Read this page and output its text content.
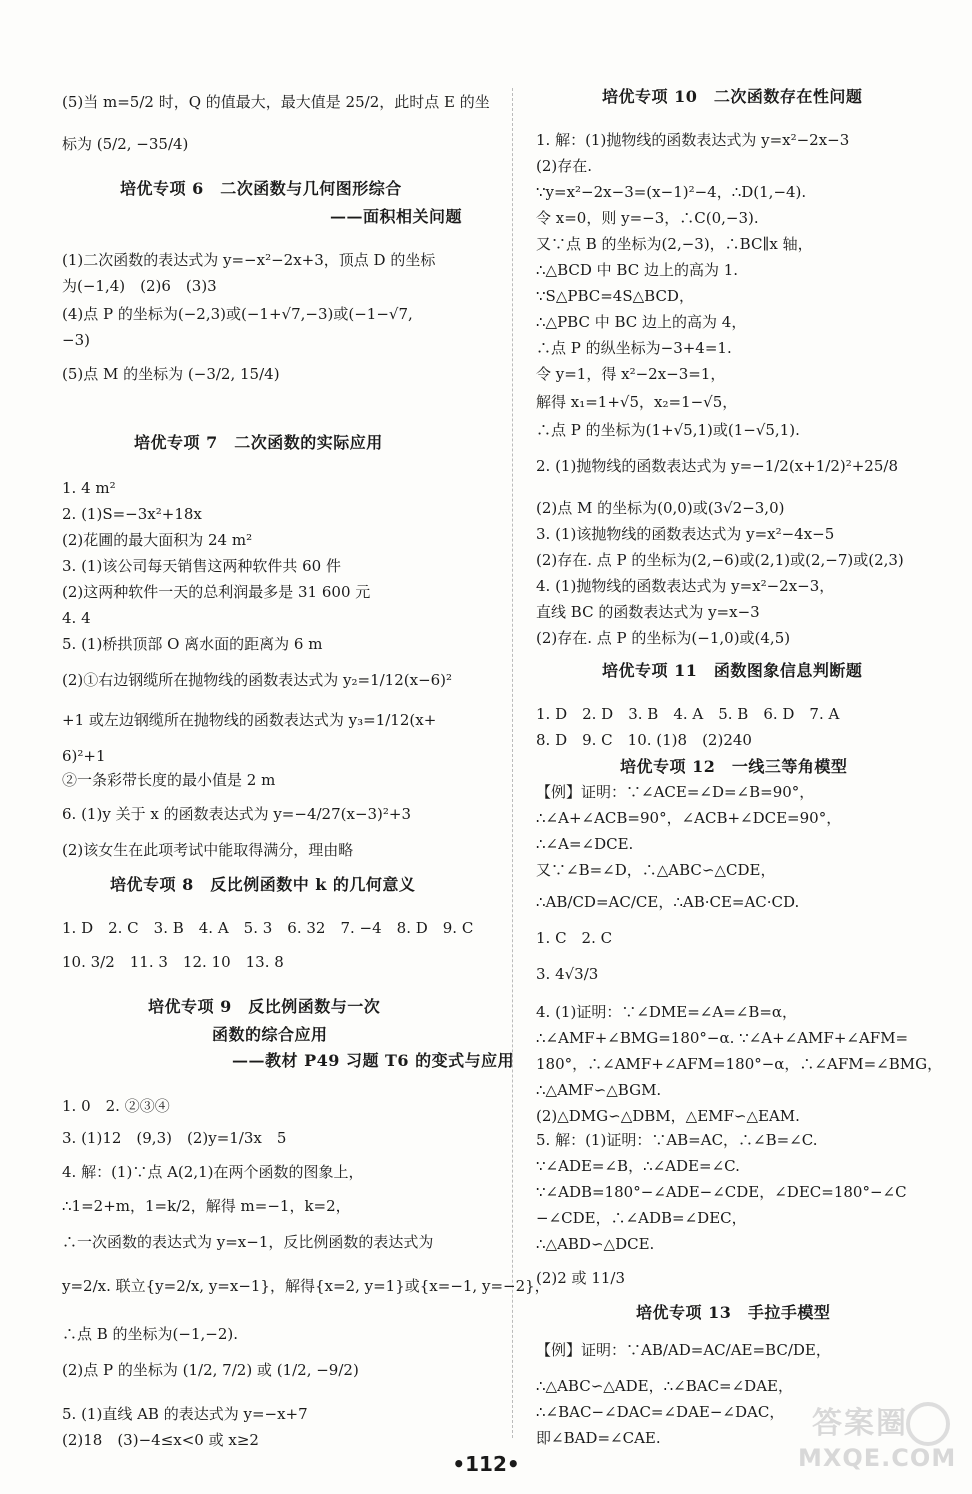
(5)当 m=5/2 时，Q 的值最大，最大值是 25/2，此时点 E 的坐
标为 (5/2, −35/4)
培优专项 6　二次函数与几何图形综合
——面积相关问题
(1)二次函数的表达式为 y=−x²−2x+3，顶点 D 的坐标
为(−1,4)　(2)6　(3)3
(4)点 P 的坐标为(−2,3)或(−1+√7,−3)或(−1−√7,
−3)
(5)点 M 的坐标为 (−3/2, 15/4)
培优专项 7　二次函数的实际应用
1. 4 m²
2. (1)S=−3x²+18x
(2)花圃的最大面积为 24 m²
3. (1)该公司每天销售这两种软件共 60 件
(2)这两种软件一天的总利润最多是 31 600 元
4. 4
5. (1)桥拱顶部 O 离水面的距离为 6 m
(2)①右边钢缆所在抛物线的函数表达式为 y₂=1/12(x−6)²
+1 或左边钢缆所在抛物线的函数表达式为 y₃=1/12(x+
6)²+1
②一条彩带长度的最小值是 2 m
6. (1)y 关于 x 的函数表达式为 y=−4/27(x−3)²+3
(2)该女生在此项考试中能取得满分，理由略
培优专项 8　反比例函数中 k 的几何意义
1. D　2. C　3. B　4. A　5. 3　6. 32　7. −4　8. D　9. C
10. 3/2　11. 3　12. 10　13. 8
培优专项 9　反比例函数与一次
函数的综合应用
——教材 P49 习题 T6 的变式与应用
1. 0　2. ②③④
3. (1)12　(9,3)　(2)y=1/3x　5
4. 解：(1)∵点 A(2,1)在两个函数的图象上，
∴1=2+m，1=k/2，解得 m=−1，k=2，
∴一次函数的表达式为 y=x−1，反比例函数的表达式为
y=2/x. 联立{y=2/x, y=x−1}，解得{x=2, y=1}或{x=−1, y=−2}，
∴点 B 的坐标为(−1,−2).
(2)点 P 的坐标为 (1/2, 7/2) 或 (1/2, −9/2)
5. (1)直线 AB 的表达式为 y=−x+7
(2)18　(3)−4≤x<0 或 x≥2
培优专项 10　二次函数存在性问题
1. 解：(1)抛物线的函数表达式为 y=x²−2x−3
(2)存在.
∵y=x²−2x−3=(x−1)²−4，∴D(1,−4).
令 x=0，则 y=−3，∴C(0,−3).
又∵点 B 的坐标为(2,−3)，∴BC∥x 轴，
∴△BCD 中 BC 边上的高为 1.
∵S△PBC=4S△BCD，
∴△PBC 中 BC 边上的高为 4，
∴点 P 的纵坐标为−3+4=1.
令 y=1，得 x²−2x−3=1，
解得 x₁=1+√5，x₂=1−√5，
∴点 P 的坐标为(1+√5,1)或(1−√5,1).
2. (1)抛物线的函数表达式为 y=−1/2(x+1/2)²+25/8
(2)点 M 的坐标为(0,0)或(3√2−3,0)
3. (1)该抛物线的函数表达式为 y=x²−4x−5
(2)存在. 点 P 的坐标为(2,−6)或(2,1)或(2,−7)或(2,3)
4. (1)抛物线的函数表达式为 y=x²−2x−3，
直线 BC 的函数表达式为 y=x−3
(2)存在. 点 P 的坐标为(−1,0)或(4,5)
培优专项 11　函数图象信息判断题
1. D　2. D　3. B　4. A　5. B　6. D　7. A
8. D　9. C　10. (1)8　(2)240
培优专项 12　一线三等角模型
【例】证明：∵∠ACE=∠D=∠B=90°，
∴∠A+∠ACB=90°，∠ACB+∠DCE=90°，
∴∠A=∠DCE.
又∵∠B=∠D，∴△ABC∽△CDE，
∴AB/CD=AC/CE，∴AB·CE=AC·CD.
1. C　2. C
3. 4√3/3
4. (1)证明：∵∠DME=∠A=∠B=α，
∴∠AMF+∠BMG=180°−α. ∵∠A+∠AMF+∠AFM=
180°，∴∠AMF+∠AFM=180°−α，∴∠AFM=∠BMG，
∴△AMF∽△BGM.
(2)△DMG∽△DBM，△EMF∽△EAM.
5. 解：(1)证明：∵AB=AC，∴∠B=∠C.
∵∠ADE=∠B，∴∠ADE=∠C.
∵∠ADB=180°−∠ADE−∠CDE，∠DEC=180°−∠C
−∠CDE，∴∠ADB=∠DEC，
∴△ABD∽△DCE.
(2)2 或 11/3
培优专项 13　手拉手模型
【例】证明：∵AB/AD=AC/AE=BC/DE，
∴△ABC∽△ADE，∴∠BAC=∠DAE，
∴∠BAC−∠DAC=∠DAE−∠DAC，
即∠BAD=∠CAE.
•112•
答案圈
MXQE.COM
